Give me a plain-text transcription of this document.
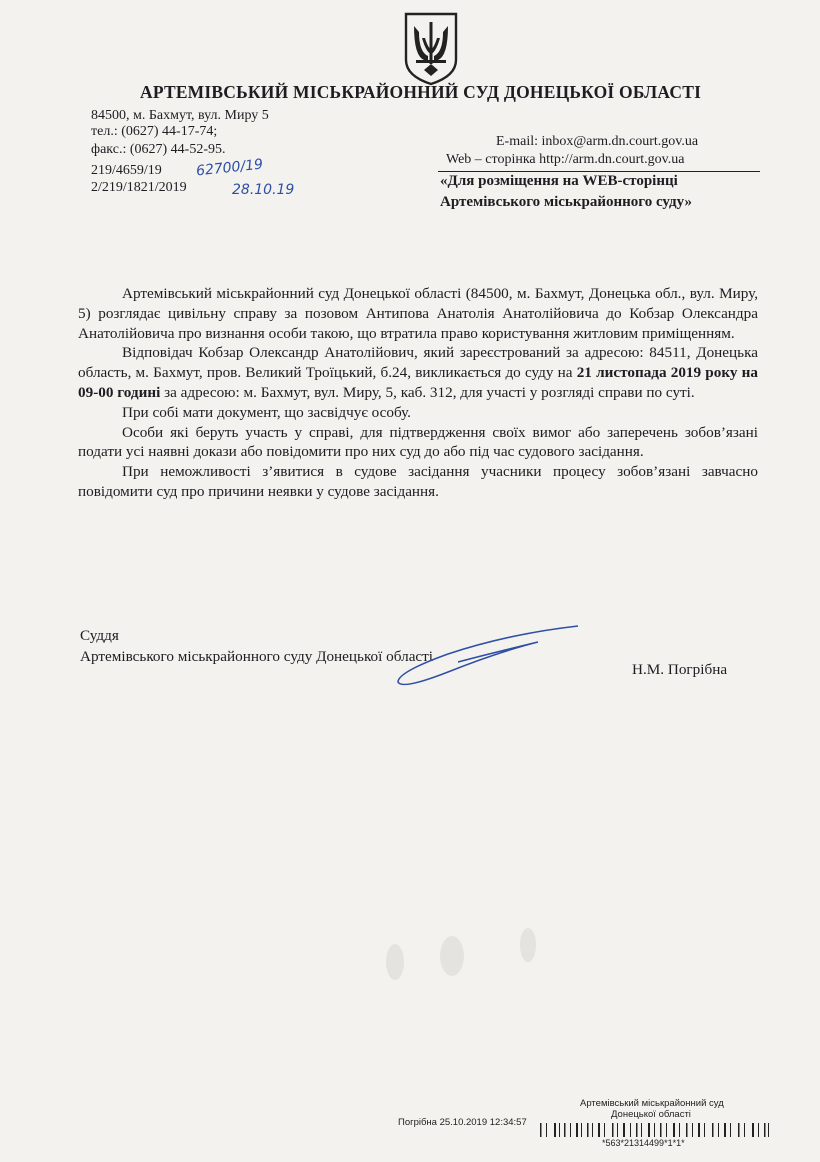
АРТЕМІВСЬКИЙ МІСЬКРАЙОННИЙ СУД ДОНЕЦЬКОЇ ОБЛАСТІ
84500, м. Бахмут, вул. Миру 5
тел.: (0627) 44-17-74;
факс.: (0627) 44-52-95.
E-mail: inbox@arm.dn.court.gov.ua
Web – сторінка http://arm.dn.court.gov.ua
219/4659/19
2/219/1821/2019
62700/19
28.10.19
«Для розміщення на WEB-сторінці
Артемівського міськрайонного суду»

Артемівський міськрайонний суд Донецької області (84500, м. Бахмут, Донецька обл., вул. Миру, 5) розглядає цивільну справу за позовом Антипова Анатолія Анатолійовича до Кобзар Олександра Анатолійовича про визнання особи такою, що втратила право користування житловим приміщенням.

Відповідач Кобзар Олександр Анатолійович, який зареєстрований за адресою: 84511, Донецька область, м. Бахмут, пров. Великий Троїцький, б.24, викликається до суду на 21 листопада 2019 року на 09-00 годині за адресою: м. Бахмут, вул. Миру, 5, каб. 312, для участі у розгляді справи по суті.

При собі мати документ, що засвідчує особу.

Особи які беруть участь у справі, для підтвердження своїх вимог або заперечень зобов’язані подати усі наявні докази або повідомити про них суд до або під час судового засідання.

При неможливості з’явитися в судове засідання учасники процесу зобов’язані завчасно повідомити суд про причини неявки у судове засідання.

Суддя
Артемівського міськрайонного суду Донецької області
Н.М. Погрібна
Артемівський міськрайонний суд
Донецької області
Погрібна 25.10.2019 12:34:57
*563*21314499*1*1*
